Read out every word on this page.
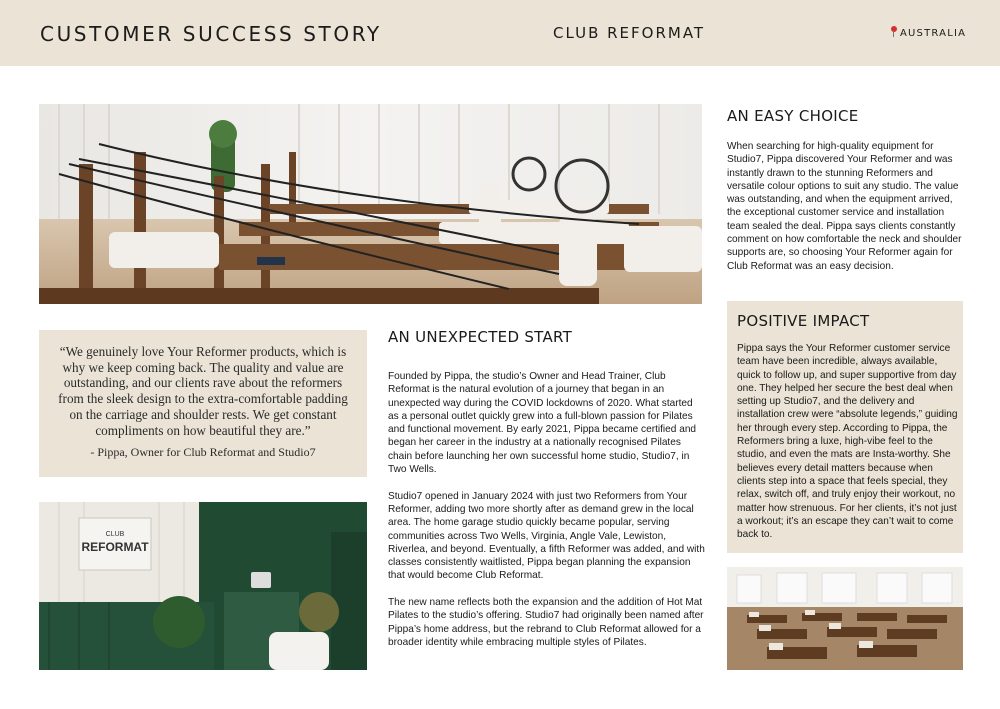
CUSTOMER SUCCESS STORY	CLUB REFORMAT	AUSTRALIA
“We genuinely love Your Reformer products, which is why we keep coming back. The quality and value are outstanding, and our clients rave about the reformers from the sleek design to the extra-comfortable padding on the carriage and shoulder rests. We get constant compliments on how beautiful they are.”
- Pippa, Owner for Club Reformat and Studio7
CLUB
REFORMAT
AN UNEXPECTED START

Founded by Pippa, the studio’s Owner and Head Trainer, Club Reformat is the natural evolution of a journey that began in an unexpected way during the COVID lockdowns of 2020. What started as a personal outlet quickly grew into a full-blown passion for Pilates and functional movement. By early 2021, Pippa became certified and began her career in the industry at a nationally recognised Pilates chain before launching her own successful home studio, Studio7, in Two Wells.

Studio7 opened in January 2024 with just two Reformers from Your Reformer, adding two more shortly after as demand grew in the local area. The home garage studio quickly became popular, serving communities across Two Wells, Virginia, Angle Vale, Lewiston, Riverlea, and beyond. Eventually, a fifth Reformer was added, and with classes consistently waitlisted, Pippa began planning the expansion that would become Club Reformat.

The new name reflects both the expansion and the addition of Hot Mat Pilates to the studio’s offering. Studio7 had originally been named after Pippa’s home address, but the rebrand to Club Reformat allowed for a broader identity while embracing multiple styles of Pilates.

AN EASY CHOICE
When searching for high-quality equipment for Studio7, Pippa discovered Your Reformer and was instantly drawn to the stunning Reformers and versatile colour options to suit any studio. The value was outstanding, and when the equipment arrived, the exceptional customer service and installation team sealed the deal. Pippa says clients constantly comment on how comfortable the neck and shoulder supports are, so choosing Your Reformer again for Club Reformat was an easy decision.
POSITIVE IMPACT
Pippa says the Your Reformer customer service team have been incredible, always available, quick to follow up, and super supportive from day one. They helped her secure the best deal when setting up Studio7, and the delivery and installation crew were “absolute legends,” guiding her through every step. According to Pippa, the Reformers bring a luxe, high-vibe feel to the studio, and even the mats are Insta-worthy. She believes every detail matters because when clients step into a space that feels special, they relax, switch off, and truly enjoy their workout, no matter how strenuous. For her clients, it’s not just a workout; it’s an escape they can’t wait to come back to.
